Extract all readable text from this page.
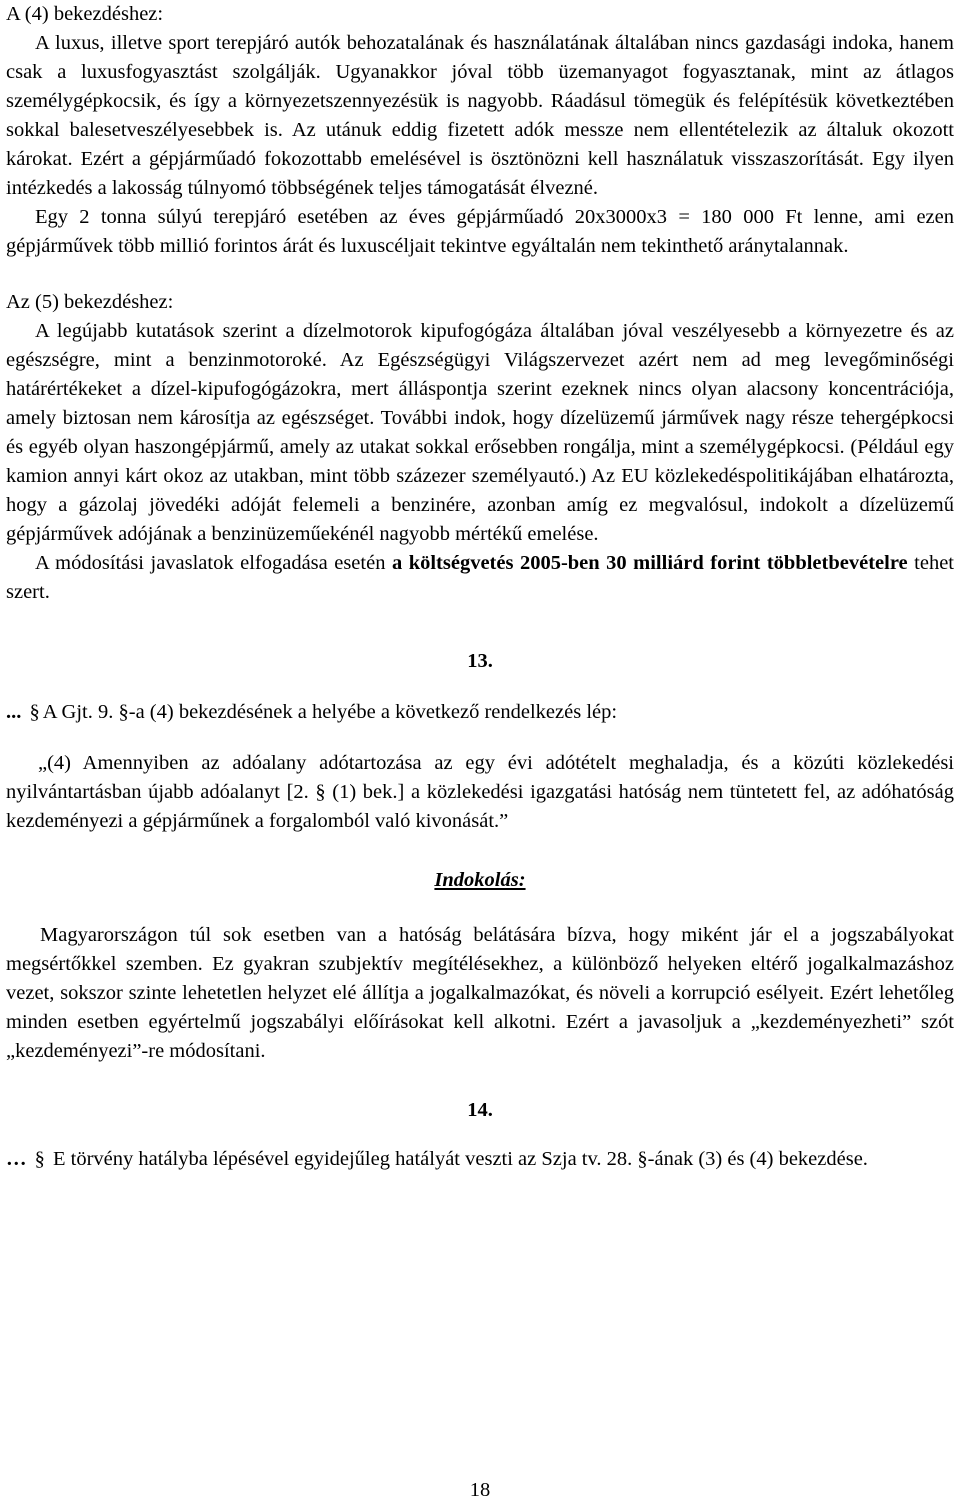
A (4) bekezdéshez:

A luxus, illetve sport terepjáró autók behozatalának és használatának általában nincs gazdasági indoka, hanem csak a luxusfogyasztást szolgálják. Ugyanakkor jóval több üzemanyagot fogyasztanak, mint az átlagos személygépkocsik, és így a környezetszennyezésük is nagyobb. Ráadásul tömegük és felépítésük következtében sokkal balesetveszélyesebbek is. Az utánuk eddig fizetett adók messze nem ellentételezik az általuk okozott károkat. Ezért a gépjárműadó fokozottabb emelésével is ösztönözni kell használatuk visszaszorítását. Egy ilyen intézkedés a lakosság túlnyomó többségének teljes támogatását élvezné.

Egy 2 tonna súlyú terepjáró esetében az éves gépjárműadó 20x3000x3 = 180 000 Ft lenne, ami ezen gépjárművek több millió forintos árát és luxuscéljait tekintve egyáltalán nem tekinthető aránytalannak.

Az (5) bekezdéshez:

A legújabb kutatások szerint a dízelmotorok kipufogógáza általában jóval veszélyesebb a környezetre és az egészségre, mint a benzinmotoroké. Az Egészségügyi Világszervezet azért nem ad meg levegőminőségi határértékeket a dízel-kipufogógázokra, mert álláspontja szerint ezeknek nincs olyan alacsony koncentrációja, amely biztosan nem károsítja az egészséget. További indok, hogy dízelüzemű járművek nagy része tehergépkocsi és egyéb olyan haszongépjármű, amely az utakat sokkal erősebben rongálja, mint a személygépkocsi. (Például egy kamion annyi kárt okoz az utakban, mint több százezer személyautó.) Az EU közlekedéspolitikájában elhatározta, hogy a gázolaj jövedéki adóját felemeli a benzinére, azonban amíg ez megvalósul, indokolt a dízelüzemű gépjárművek adójának a benzinüzeműekénél nagyobb mértékű emelése.

A módosítási javaslatok elfogadása esetén a költségvetés 2005-ben 30 milliárd forint többletbevételre tehet szert.

13.

... § A Gjt. 9. §-a (4) bekezdésének a helyébe a következő rendelkezés lép:

„(4) Amennyiben az adóalany adótartozása az egy évi adótételt meghaladja, és a közúti közlekedési nyilvántartásban újabb adóalanyt [2. § (1) bek.] a közlekedési igazgatási hatóság nem tüntetett fel, az adóhatóság kezdeményezi a gépjárműnek a forgalomból való kivonását.”

Indokolás:

Magyarországon túl sok esetben van a hatóság belátására bízva, hogy miként jár el a jogszabályokat megsértőkkel szemben. Ez gyakran szubjektív megítélésekhez, a különböző helyeken eltérő jogalkalmazáshoz vezet, sokszor szinte lehetetlen helyzet elé állítja a jogalkalmazókat, és növeli a korrupció esélyeit. Ezért lehetőleg minden esetben egyértelmű jogszabályi előírásokat kell alkotni. Ezért a javasoljuk a „kezdeményezheti” szót „kezdeményezi”-re módosítani.

14.

… § E törvény hatályba lépésével egyidejűleg hatályát veszti az Szja tv. 28. §-ának (3) és (4) bekezdése.

18
